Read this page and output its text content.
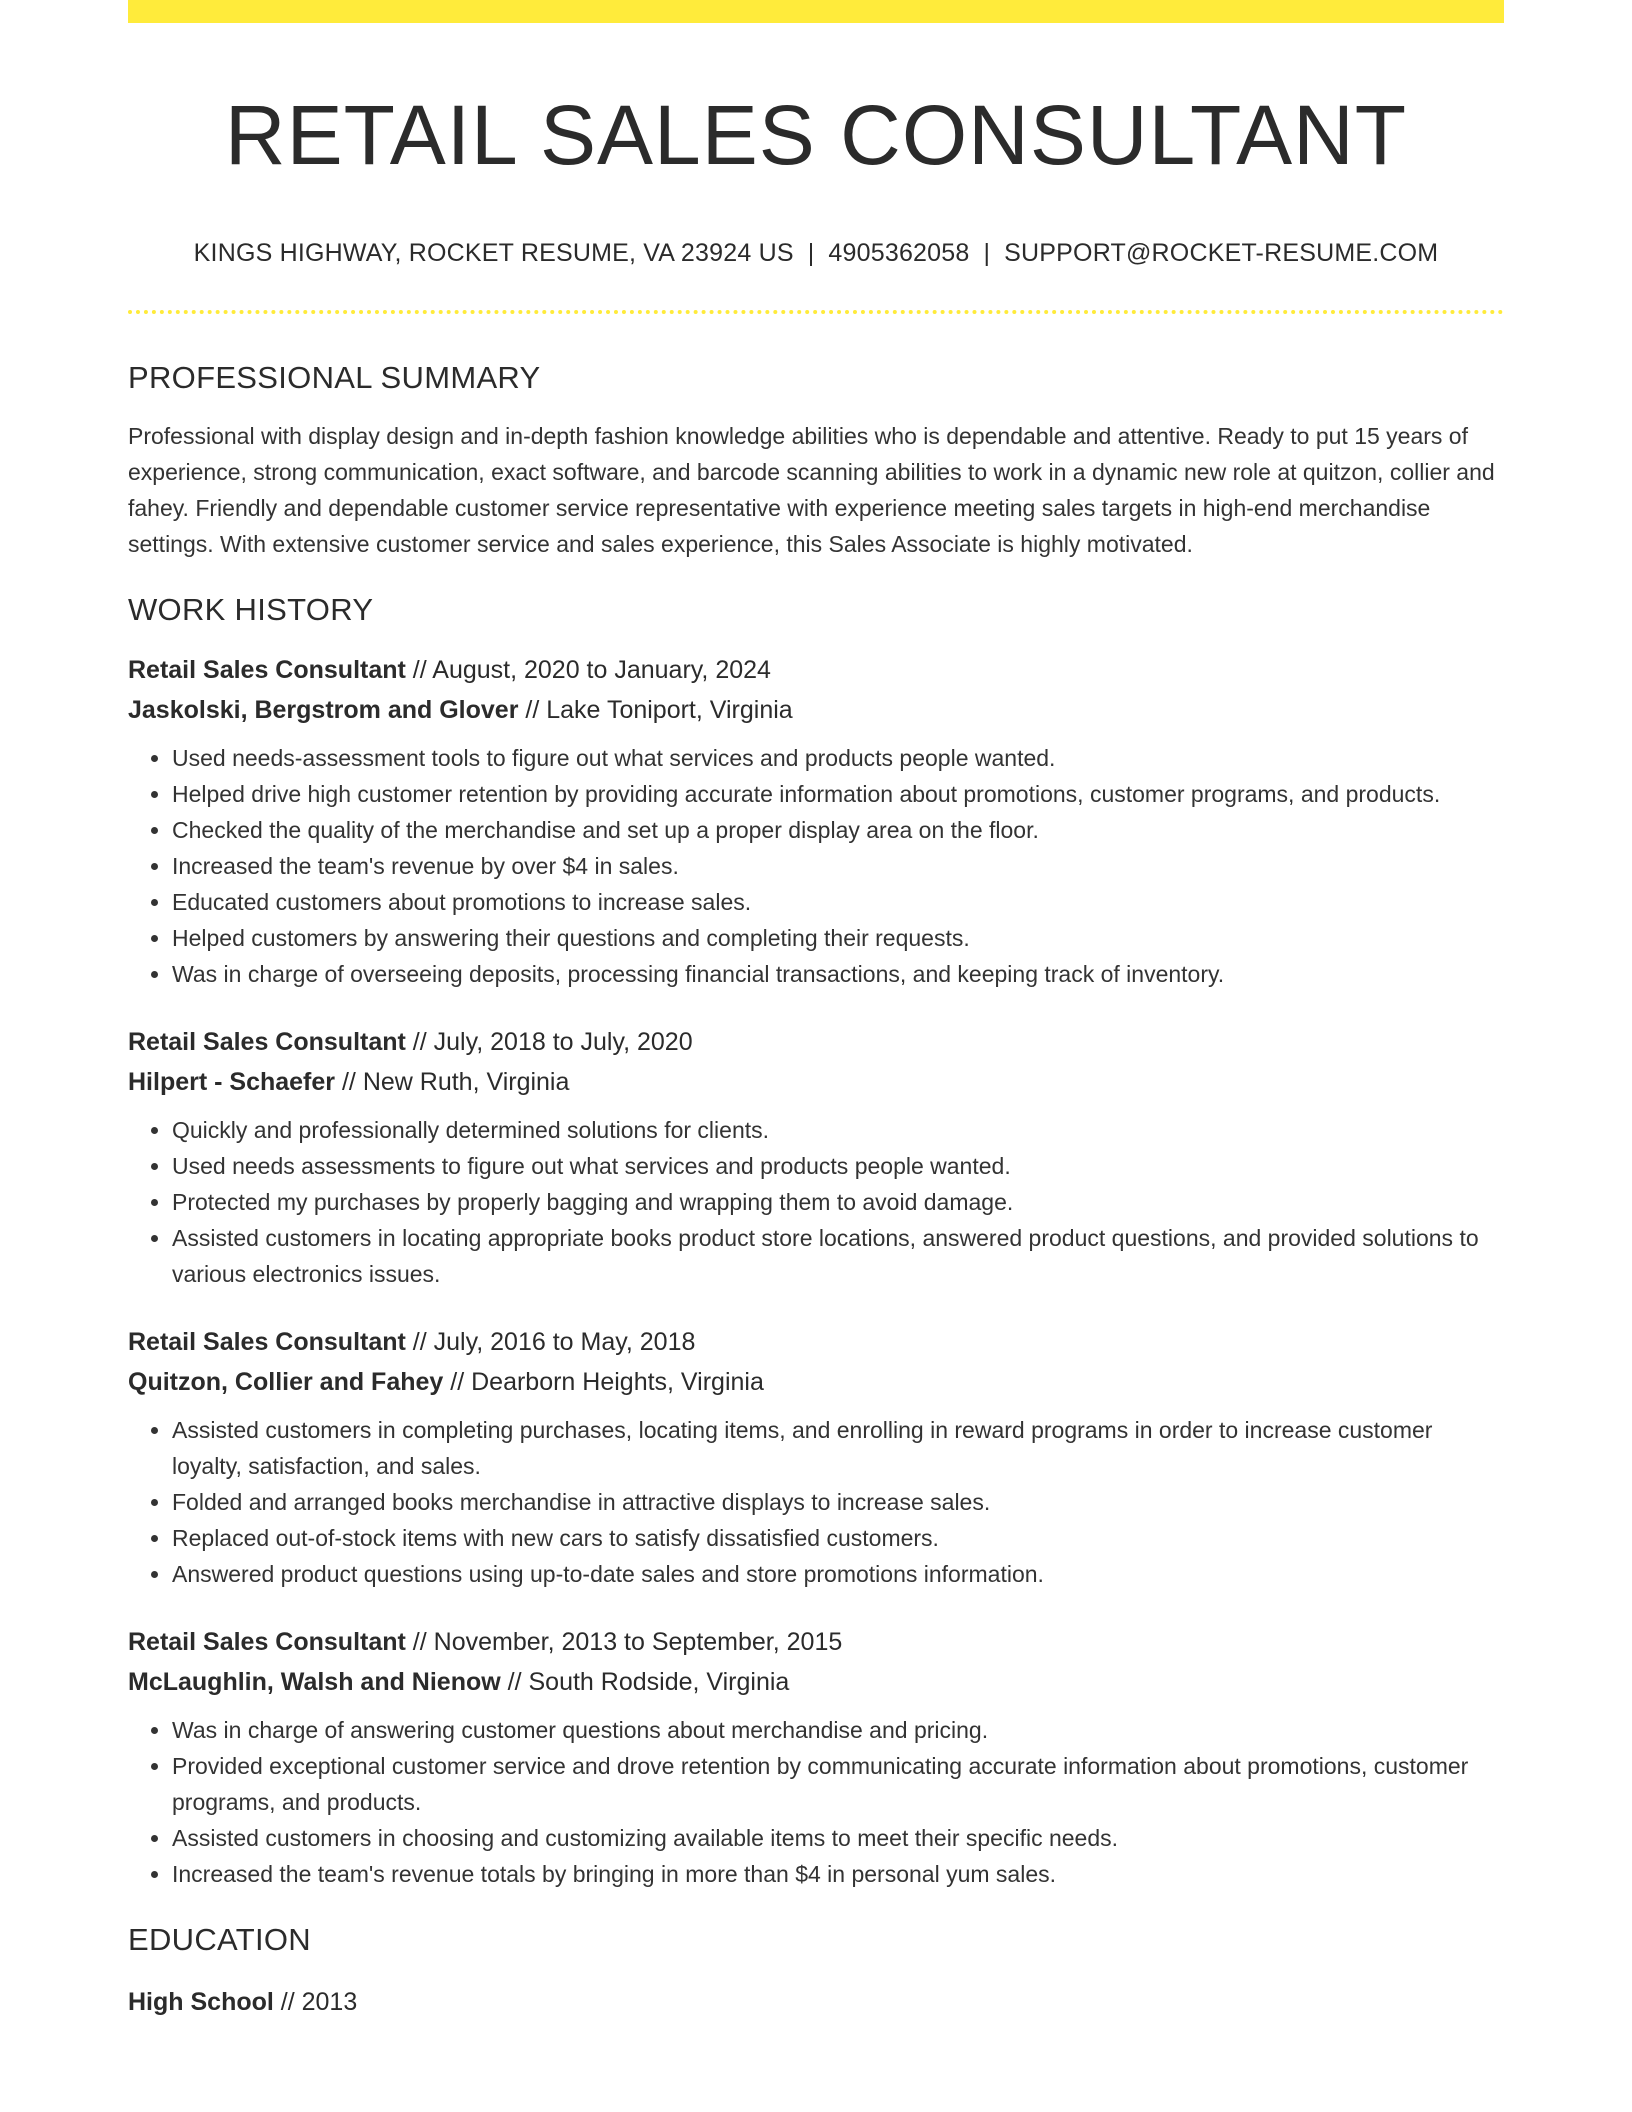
RETAIL SALES CONSULTANT
KINGS HIGHWAY, ROCKET RESUME, VA 23924 US | 4905362058 | SUPPORT@ROCKET-RESUME.COM
PROFESSIONAL SUMMARY

Professional with display design and in-depth fashion knowledge abilities who is dependable and attentive. Ready to put 15 years of experience, strong communication, exact software, and barcode scanning abilities to work in a dynamic new role at quitzon, collier and fahey. Friendly and dependable customer service representative with experience meeting sales targets in high-end merchandise settings. With extensive customer service and sales experience, this Sales Associate is highly motivated.

WORK HISTORY
Retail Sales Consultant // August, 2020 to January, 2024
Jaskolski, Bergstrom and Glover // Lake Toniport, Virginia
• Used needs-assessment tools to figure out what services and products people wanted.
• Helped drive high customer retention by providing accurate information about promotions, customer programs, and products.
• Checked the quality of the merchandise and set up a proper display area on the floor.
• Increased the team's revenue by over $4 in sales.
• Educated customers about promotions to increase sales.
• Helped customers by answering their questions and completing their requests.
• Was in charge of overseeing deposits, processing financial transactions, and keeping track of inventory.
Retail Sales Consultant // July, 2018 to July, 2020
Hilpert - Schaefer // New Ruth, Virginia
• Quickly and professionally determined solutions for clients.
• Used needs assessments to figure out what services and products people wanted.
• Protected my purchases by properly bagging and wrapping them to avoid damage.
• Assisted customers in locating appropriate books product store locations, answered product questions, and provided solutions to various electronics issues.
Retail Sales Consultant // July, 2016 to May, 2018
Quitzon, Collier and Fahey // Dearborn Heights, Virginia
• Assisted customers in completing purchases, locating items, and enrolling in reward programs in order to increase customer loyalty, satisfaction, and sales.
• Folded and arranged books merchandise in attractive displays to increase sales.
• Replaced out-of-stock items with new cars to satisfy dissatisfied customers.
• Answered product questions using up-to-date sales and store promotions information.
Retail Sales Consultant // November, 2013 to September, 2015
McLaughlin, Walsh and Nienow // South Rodside, Virginia
• Was in charge of answering customer questions about merchandise and pricing.
• Provided exceptional customer service and drove retention by communicating accurate information about promotions, customer programs, and products.
• Assisted customers in choosing and customizing available items to meet their specific needs.
• Increased the team's revenue totals by bringing in more than $4 in personal yum sales.
EDUCATION
High School // 2013
